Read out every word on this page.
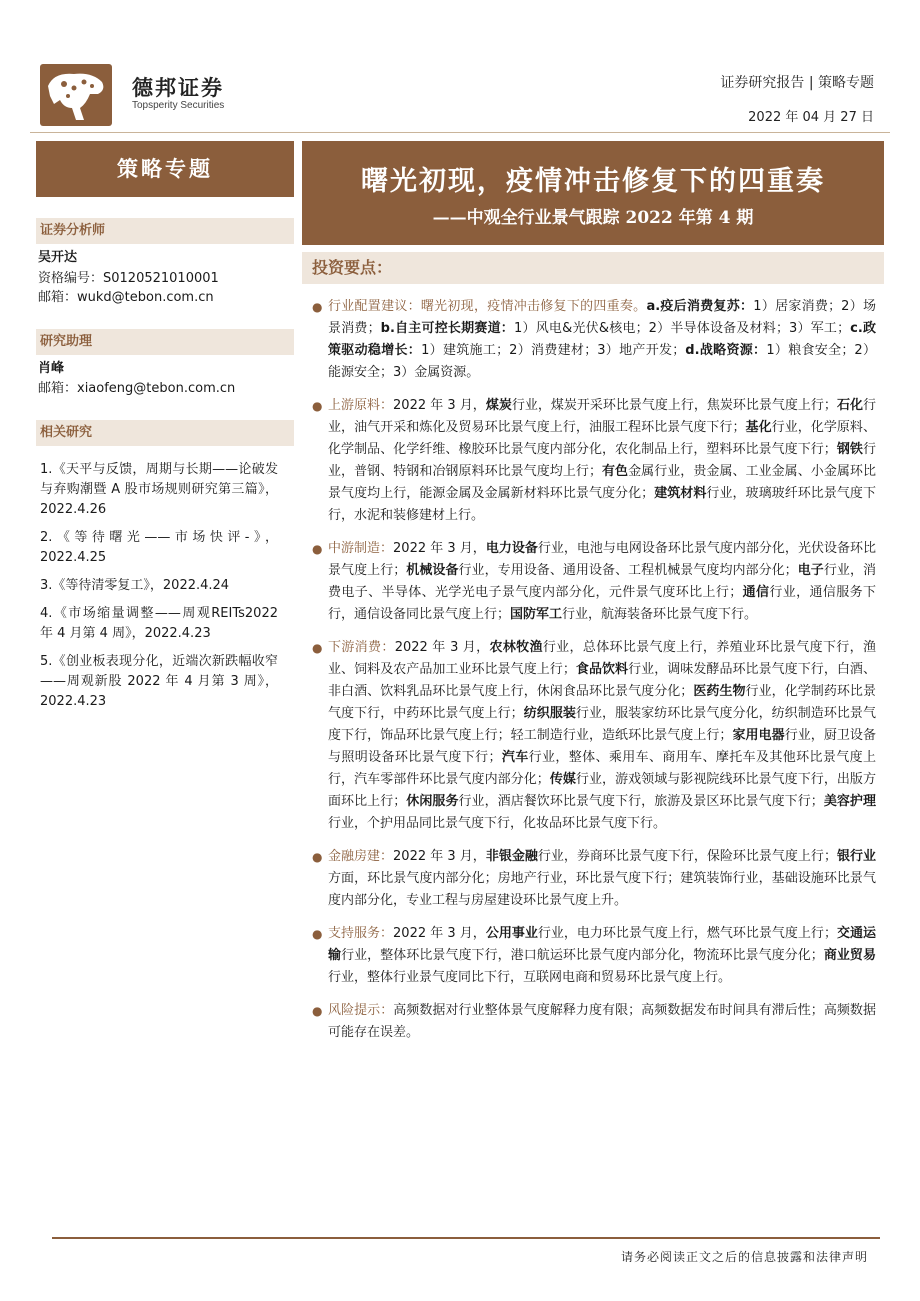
德邦证券
Topsperity Securities
证券研究报告 | 策略专题
2022 年 04 月 27 日
策略专题
证券分析师
吴开达
资格编号：S0120521010001
邮箱：wukd@tebon.com.cn
研究助理
肖峰
邮箱：xiaofeng@tebon.com.cn
相关研究
1.《天平与反馈，周期与长期——论破发与弃购潮暨 A 股市场规则研究第三篇》，2022.4.26
2.《等待曙光——市场快评-》，2022.4.25
3.《等待清零复工》，2022.4.24
4.《市场缩量调整——周观REITs2022 年 4 月第 4 周》，2022.4.23
5.《创业板表现分化，近端次新跌幅收窄——周观新股 2022 年 4 月第 3 周》，2022.4.23
曙光初现，疫情冲击修复下的四重奏
——中观全行业景气跟踪 2022 年第 4 期
投资要点：
● 行业配置建议：曙光初现，疫情冲击修复下的四重奏。a.疫后消费复苏：1）居家消费；2）场景消费；b.自主可控长期赛道：1）风电&光伏&核电；2）半导体设备及材料；3）军工；c.政策驱动稳增长：1）建筑施工；2）消费建材；3）地产开发；d.战略资源：1）粮食安全；2）能源安全；3）金属资源。
● 上游原料：2022 年 3 月，煤炭行业，煤炭开采环比景气度上行，焦炭环比景气度上行；石化行业，油气开采和炼化及贸易环比景气度上行，油服工程环比景气度下行；基化行业，化学原料、化学制品、化学纤维、橡胶环比景气度内部分化，农化制品上行，塑料环比景气度下行；钢铁行业，普钢、特钢和冶钢原料环比景气度均上行；有色金属行业，贵金属、工业金属、小金属环比景气度均上行，能源金属及金属新材料环比景气度分化；建筑材料行业，玻璃玻纤环比景气度下行，水泥和装修建材上行。
● 中游制造：2022 年 3 月，电力设备行业，电池与电网设备环比景气度内部分化，光伏设备环比景气度上行；机械设备行业，专用设备、通用设备、工程机械景气度均内部分化；电子行业，消费电子、半导体、光学光电子景气度内部分化，元件景气度环比上行；通信行业，通信服务下行，通信设备同比景气度上行；国防军工行业，航海装备环比景气度下行。
● 下游消费：2022 年 3 月，农林牧渔行业，总体环比景气度上行，养殖业环比景气度下行，渔业、饲料及农产品加工业环比景气度上行；食品饮料行业，调味发酵品环比景气度下行，白酒、非白酒、饮料乳品环比景气度上行，休闲食品环比景气度分化；医药生物行业，化学制药环比景气度下行，中药环比景气度上行；纺织服装行业，服装家纺环比景气度分化，纺织制造环比景气度下行，饰品环比景气度上行；轻工制造行业，造纸环比景气度上行；家用电器行业，厨卫设备与照明设备环比景气度下行；汽车行业，整体、乘用车、商用车、摩托车及其他环比景气度上行，汽车零部件环比景气度内部分化；传媒行业，游戏领域与影视院线环比景气度下行，出版方面环比上行；休闲服务行业，酒店餐饮环比景气度下行，旅游及景区环比景气度下行；美容护理行业，个护用品同比景气度下行，化妆品环比景气度下行。
● 金融房建：2022 年 3 月，非银金融行业，券商环比景气度下行，保险环比景气度上行；银行业方面，环比景气度内部分化；房地产行业，环比景气度下行；建筑装饰行业，基础设施环比景气度内部分化，专业工程与房屋建设环比景气度上升。
● 支持服务：2022 年 3 月，公用事业行业，电力环比景气度上行，燃气环比景气度上行；交通运输行业，整体环比景气度下行，港口航运环比景气度内部分化，物流环比景气度分化；商业贸易行业，整体行业景气度同比下行，互联网电商和贸易环比景气度上行。
● 风险提示：高频数据对行业整体景气度解释力度有限；高频数据发布时间具有滞后性；高频数据可能存在误差。
请务必阅读正文之后的信息披露和法律声明
